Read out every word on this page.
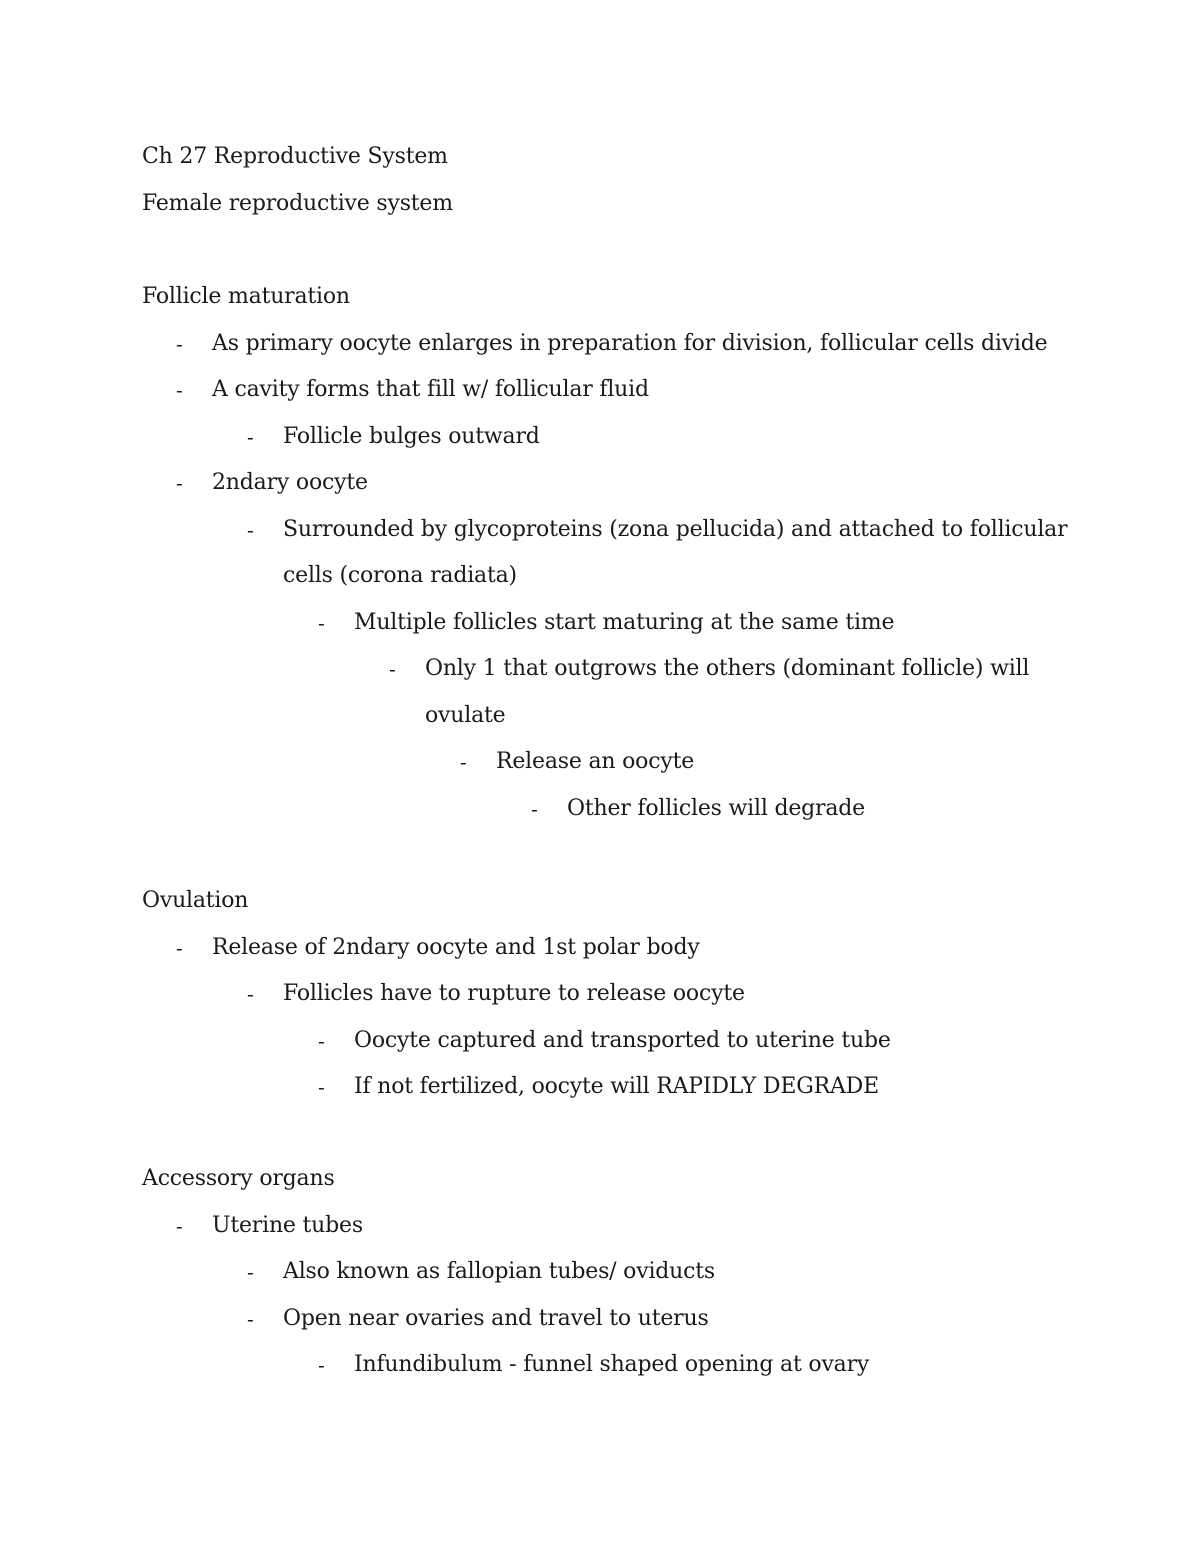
Ch 27 Reproductive System
Female reproductive system
Follicle maturation
- As primary oocyte enlarges in preparation for division, follicular cells divide
- A cavity forms that fill w/ follicular fluid
- Follicle bulges outward
- 2ndary oocyte
- Surrounded by glycoproteins (zona pellucida) and attached to follicular
cells (corona radiata)
- Multiple follicles start maturing at the same time
- Only 1 that outgrows the others (dominant follicle) will
ovulate
- Release an oocyte
- Other follicles will degrade
Ovulation
- Release of 2ndary oocyte and 1st polar body
- Follicles have to rupture to release oocyte
- Oocyte captured and transported to uterine tube
- If not fertilized, oocyte will RAPIDLY DEGRADE
Accessory organs
- Uterine tubes
- Also known as fallopian tubes/ oviducts
- Open near ovaries and travel to uterus
- Infundibulum - funnel shaped opening at ovary
